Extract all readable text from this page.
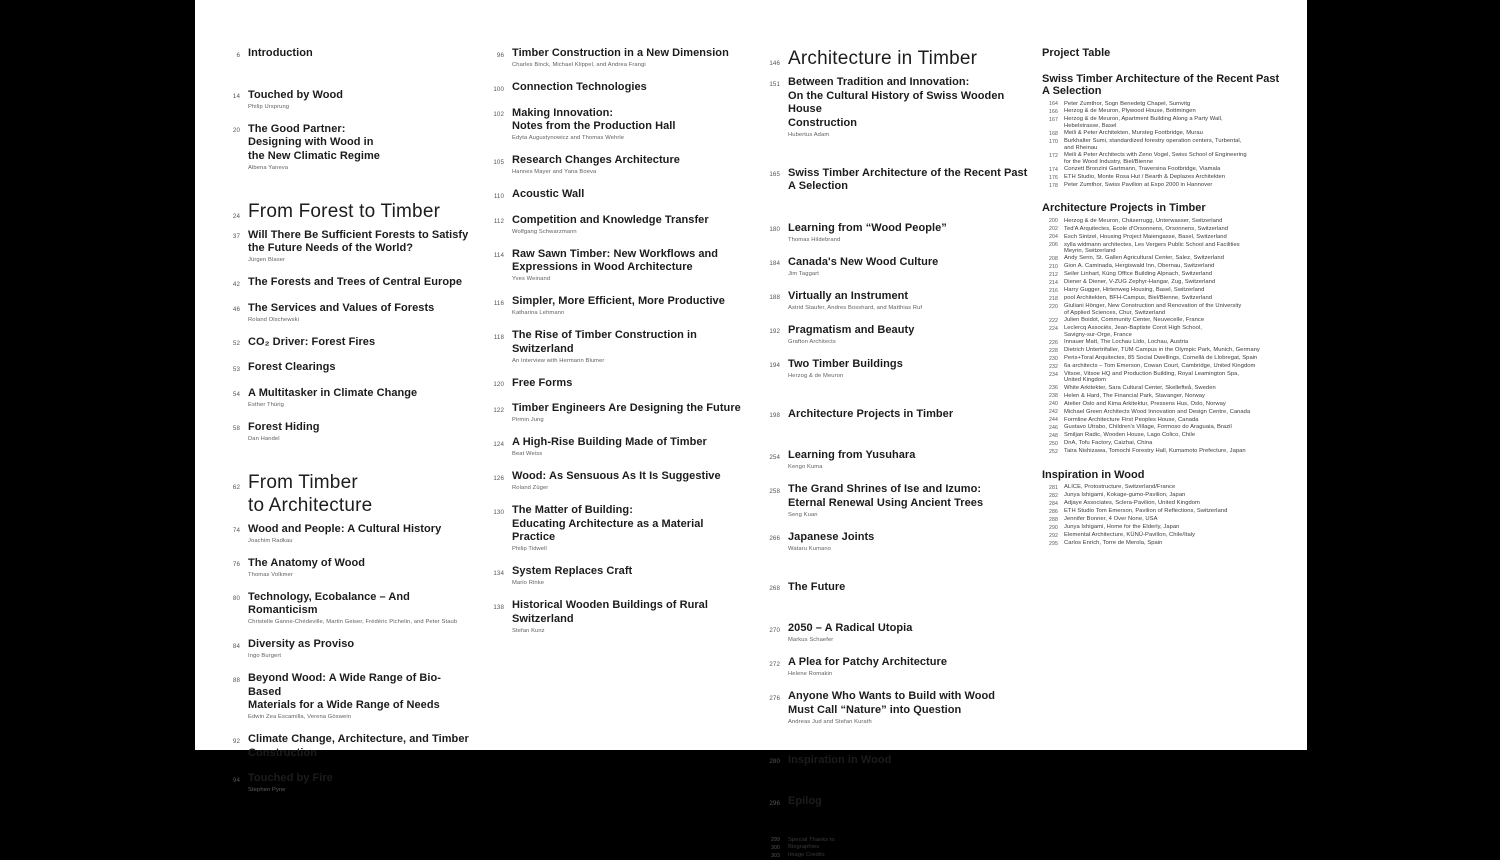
6 Introduction
14 Touched by Wood
Philip Ursprung
20 The Good Partner:
Designing with Wood in
the New Climatic Regime
Albena Yaneva
24 From Forest to Timber
37 Will There Be Sufficient Forests to Satisfy
the Future Needs of the World?
Jürgen Blaser
42 The Forests and Trees of Central Europe
46 The Services and Values of Forests
Roland Olschewski
52 CO₂ Driver: Forest Fires
53 Forest Clearings
54 A Multitasker in Climate Change
Esther Thürig
58 Forest Hiding
Dan Handel
62 From Timber
to Architecture
74 Wood and People: A Cultural History
Joachim Radkau
76 The Anatomy of Wood
Thomas Volkmer
80 Technology, Ecobalance – And Romanticism
Christelle Ganne-Chédeville, Martin Geiser, Frédéric Pichelin, and Peter Staub
84 Diversity as Proviso
Ingo Burgert
88 Beyond Wood: A Wide Range of Bio-Based
Materials for a Wide Range of Needs
Edwin Zea Escamilla, Verena Göswein
92 Climate Change, Architecture, and Timber
Construction
94 Touched by Fire
Stephen Pyne
96 Timber Construction in a New Dimension
Charles Binck, Michael Klippel, and Andrea Frangi
100 Connection Technologies
102 Making Innovation:
Notes from the Production Hall
Edyta Augustynowicz and Thomas Wehrle
105 Research Changes Architecture
Hannes Mayer and Yana Boeva
110 Acoustic Wall
112 Competition and Knowledge Transfer
Wolfgang Schwarzmann
114 Raw Sawn Timber: New Workflows and
Expressions in Wood Architecture
Yves Weinand
116 Simpler, More Efficient, More Productive
Katharina Lehmann
118 The Rise of Timber Construction in Switzerland
An Interview with Hermann Blumer
120 Free Forms
122 Timber Engineers Are Designing the Future
Pirmin Jung
124 A High-Rise Building Made of Timber
Beat Weiss
126 Wood: As Sensuous As It Is Suggestive
Roland Züger
130 The Matter of Building:
Educating Architecture as a Material Practice
Philip Tidwell
134 System Replaces Craft
Mario Rinke
138 Historical Wooden Buildings of Rural Switzerland
Stefan Kunz
146 Architecture in Timber
151 Between Tradition and Innovation:
On the Cultural History of Swiss Wooden House
Construction
Hubertus Adam
165 Swiss Timber Architecture of the Recent Past
A Selection
180 Learning from “Wood People”
Thomas Hildebrand
184 Canada's New Wood Culture
Jim Taggart
188 Virtually an Instrument
Astrid Staufer, Andres Bosshard, and Matthias Ruf
192 Pragmatism and Beauty
Grafton Architects
194 Two Timber Buildings
Herzog & de Meuron
198 Architecture Projects in Timber
254 Learning from Yusuhara
Kengo Kuma
258 The Grand Shrines of Ise and Izumo:
Eternal Renewal Using Ancient Trees
Seng Kuan
266 Japanese Joints
Wataru Kumano
268 The Future
270 2050 – A Radical Utopia
Markus Schaefer
272 A Plea for Patchy Architecture
Helene Romakin
276 Anyone Who Wants to Build with Wood
Must Call “Nature” into Question
Andreas Jud and Stefan Kurath
280 Inspiration in Wood
296 Epilog
299 Special Thanks to
300 Biographies
303 Image Credits
Project Table
Swiss Timber Architecture of the Recent Past
A Selection
164 Peter Zumthor, Sogn Benedetg Chapel, Sumvitg
166 Herzog & de Meuron, Plywood House, Bottmingen
167 Herzog & de Meuron, Apartment Building Along a Party Wall,
Hebelstrasse, Basel
168 Meili & Peter Architekten, Mursteg Footbridge, Murau
170 Burkhalter Sumi, standardized forestry operation centers, Turbental,
and Rheinau
172 Meili & Peter Architects with Zeno Vogel, Swiss School of Engineering
for the Wood Industry, Biel/Bienne
174 Conzett Bronzini Gartmann, Traversina Footbridge, Viamala
176 ETH Studio, Monte Rosa Hut / Bearth & Deplazes Architekten
178 Peter Zumthor, Swiss Pavilion at Expo 2000 in Hannover
Architecture Projects in Timber
200 Herzog & de Meuron, Chäserrugg, Unterwasser, Switzerland
202 Ted'A Arquitectes, Ecole d'Orsonnens, Orsonnens, Switzerland
204 Esch Sintzel, Housing Project Maiengasse, Basel, Switzerland
206 sylla widmann architectes, Les Vergers Public School and Facilities
Meyrin, Switzerland
208 Andy Senn, St. Gallen Agricultural Center, Salez, Switzerland
210 Gion A. Caminada, Hergiswald Inn, Obernau, Switzerland
212 Seiler Linhart, Küng Office Building Alpnach, Switzerland
214 Diener & Diener, V-ZUG Zephyr-Hangar, Zug, Switzerland
216 Harry Gugger, Hirtenweg Housing, Basel, Switzerland
218 pool Architekten, BFH-Campus, Biel/Bienne, Switzerland
220 Giuliani Hönger, New Construction and Renovation of the University
of Applied Sciences, Chur, Switzerland
222 Julien Boidot, Community Center, Neuvecelle, France
224 Leclercq Associés, Jean-Baptiste Corot High School,
Savigny-sur-Orge, France
226 Innauer Matt, The Lochau Lido, Lochau, Austria
228 Dietrich Untertrifaller, TUM Campus in the Olympic Park, Munich, Germany
230 Peris+Toral Arquitectes, 85 Social Dwellings, Cornellà de Llobregat, Spain
232 6a architects – Tom Emerson, Cowan Court, Cambridge, United Kingdom
234 Vitsoe, Vitsoe HQ and Production Building, Royal Leamington Spa,
United Kingdom
236 White Arkitekter, Sara Cultural Center, Skellefteå, Sweden
238 Helen & Hard, The Financial Park, Stavanger, Norway
240 Atelier Oslo and Kima Arkitektur, Pressens Hus, Oslo, Norway
242 Michael Green Architects Wood Innovation and Design Centre, Canada
244 Formline Architecture First Peoples House, Canada
246 Gustavo Utrabo, Children's Village, Formoso do Araguaia, Brazil
248 Smiljan Radic, Wooden House, Lago Colico, Chile
250 DnA, Tofu Factory, Caizhai, China
252 Taira Nishizawa, Tomochi Forestry Hall, Kumamoto Prefecture, Japan
Inspiration in Wood
281 ALICE, Protostructure, Switzerland/France
282 Junya Ishigami, Kokage-gumo-Pavilion, Japan
284 Adjaye Associates, Sclera-Pavilion, United Kingdom
286 ETH Studio Tom Emerson, Pavilion of Reflections, Switzerland
288 Jennifer Bonner, 4 Over None, USA
290 Junya Ishigami, Home for the Elderly, Japan
292 Elemental Architecture, KÜNÜ-Pavillon, Chile/Italy
295 Carlos Enrich, Torre de Merola, Spain
